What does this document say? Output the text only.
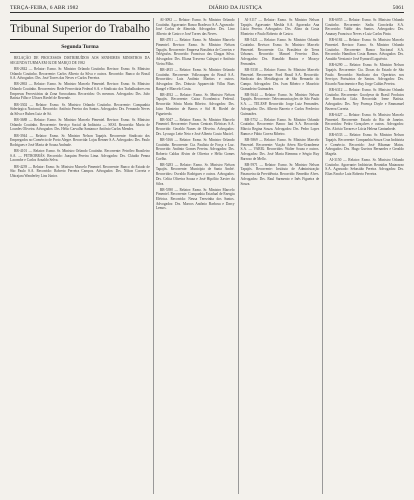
TERÇA-FEIRA, 6 ABR 1982	DIÁRIO DA JUSTIÇA	5061
Tribunal Superior do Trabalho
Segunda Turma

RELAÇÃO DE PROCESSOS DISTRIBUÍDOS AOS SENHORES MINISTROS DA SEGUNDA TURMA EM 02 DE MARÇO DE 1982

RR-2842 — Relator: Exmo. Sr. Ministro Orlando Coutinho. Revisor: Exmo. Sr. Ministro Orlando Coutinho. Recorrente: Carlos Alberto da Silva e outros. Recorrido: Banco do Brasil S.A. Advogados: Drs. José Torres das Neves e Carlos Ferreira.

RR-2863 — Relator: Exmo. Sr. Ministro Marcelo Pimentel. Revisor: Exmo. Sr. Ministro Orlando Coutinho. Recorrentes: Rede Ferroviária Federal S.A. e Sindicato dos Trabalhadores em Empresas Ferroviárias da Zona Sorocabana. Recorridos: Os mesmos. Advogados: Drs. João Batista Filho e Ulisses Riedel de Resende.

RR-3302 — Relator: Exmo. Sr. Ministro Orlando Coutinho. Recorrente: Companhia Siderúrgica Nacional. Recorrido: Antônio Pereira dos Santos. Advogados: Drs. Fernando Neves da Silva e Ruben Luiz de Sá.

RR-3688 — Relator: Exmo. Sr. Ministro Marcelo Pimentel. Revisor: Exmo. Sr. Ministro Orlando Coutinho. Recorrente: Serviço Social da Indústria — SESI. Recorrida: Maria de Lourdes Oliveira. Advogados: Drs. Hélio Carvalho Santana e Antônio Carlos Mendes.

RR-3944 — Relator: Exmo. Sr. Ministro Nelson Tapajós. Recorrente: Sindicato dos Empregados no Comércio de Porto Alegre. Recorrida: Lojas Renner S.A. Advogados: Drs. Paulo Rodrigues e José Maria de Souza Andrade.

RR-4101 — Relator: Exmo. Sr. Ministro Orlando Coutinho. Recorrente: Petróleo Brasileiro S.A. — PETROBRÁS. Recorrido: Joaquim Pereira Lima. Advogados: Drs. Cláudio Penna Lacombe e Carlos Arnaldo Selva.

RR-4239 — Relator: Exmo. Sr. Ministro Marcelo Pimentel. Recorrente: Banco do Estado de São Paulo S.A. Recorrido: Roberto Ferreira Campos. Advogados: Drs. Nilton Correia e Ubirajara Wanderley Lins Júnior.

AI-3092 — Relator: Exmo. Sr. Ministro Orlando Coutinho. Agravante: Banco Bradesco S.A. Agravado: José Carlos de Almeida. Advogados: Drs. Lino Alberto de Castro e José Torres das Neves.

RR-4701 — Relator: Exmo. Sr. Ministro Marcelo Pimentel. Revisor: Exmo. Sr. Ministro Nelson Tapajós. Recorrente: Empresa Brasileira de Correios e Telégrafos. Recorrido: Francisco das Chagas Silva. Advogados: Drs. Eliana Traverso Calegari e Antônio Vieira Filho.

RR-4815 — Relator: Exmo. Sr. Ministro Orlando Coutinho. Recorrente: Volkswagen do Brasil S.A. Recorridos: Luiz Antônio Martins e outros. Advogados: Drs. Dráusio Apparecido Villas Boas Rangel e Marcelo Costa.

RR-4932 — Relator: Exmo. Sr. Ministro Nelson Tapajós. Recorrente: Caixa Econômica Federal. Recorrida: Sônia Maria Ribeiro. Advogados: Drs. Jairo Monteiro de Barros e Sid H. Riedel de Figueiredo.

RR-5047 — Relator: Exmo. Sr. Ministro Marcelo Pimentel. Recorrente: Furnas Centrais Elétricas S.A. Recorrido: Geraldo Nunes de Oliveira. Advogados: Drs. Lycurgo Leite Neto e José Alberto Couto Maciel.

RR-5166 — Relator: Exmo. Sr. Ministro Orlando Coutinho. Recorrente: Cia. Paulista de Força e Luz. Recorrido: Antônio Gomes Pereira. Advogados: Drs. Roberto Caldas Alvim de Oliveira e Hélio Gomes Coelho.

RR-5283 — Relator: Exmo. Sr. Ministro Nelson Tapajós. Recorrente: Município de Santo André. Recorridos: Osvaldo Rodrigues e outros. Advogados: Drs. Celita Oliveira Souza e José Hipólito Xavier da Silva.

RR-5390 — Relator: Exmo. Sr. Ministro Marcelo Pimentel. Recorrente: Companhia Estadual de Energia Elétrica. Recorrida: Neusa Terezinha dos Santos. Advogados: Drs. Marcos Antônio Barbosa e Darcy Lemos.

AI-3117 — Relator: Exmo. Sr. Ministro Nelson Tapajós. Agravante: Mesbla S.A. Agravada: Ana Lúcia Pereira. Advogados: Drs. Alino da Costa Monteiro e Paulo Roberto de Castro.

RR-5421 — Relator: Exmo. Sr. Ministro Orlando Coutinho. Revisor: Exmo. Sr. Ministro Marcelo Pimentel. Recorrente: Cia. Brasileira de Trens Urbanos. Recorrido: Manoel Ferreira Dias. Advogados: Drs. Ronaldo Bastos e Moacyr Fernandes.

RR-5538 — Relator: Exmo. Sr. Ministro Marcelo Pimentel. Recorrente: Ford Brasil S.A. Recorrido: Sindicato dos Metalúrgicos de São Bernardo do Campo. Advogados: Drs. Ivan Ribeiro e Maurício Granadeiro Guimarães.

RR-5644 — Relator: Exmo. Sr. Ministro Nelson Tapajós. Recorrente: Telecomunicações de São Paulo S.A. — TELESP. Recorrido: Jorge Luiz Fernandes. Advogados: Drs. Alberto Barreto e Carlos Frederico Guimarães.

RR-5752 — Relator: Exmo. Sr. Ministro Orlando Coutinho. Recorrente: Banco Itaú S.A. Recorrida: Márcia Regina Souza. Advogados: Drs. Pedro Lopes Ramos e Fábio Correa Ribeiro.

RR-5869 — Relator: Exmo. Sr. Ministro Marcelo Pimentel. Recorrente: Viação Aérea Rio-Grandense S.A. — VARIG. Recorridos: Walter Souza e outros. Advogados: Drs. José Maria Riemma e Sérgio Ruy Barroso de Mello.

RR-5971 — Relator: Exmo. Sr. Ministro Nelson Tapajós. Recorrente: Instituto de Administração Financeira da Previdência. Recorrido: Benedito Alves. Advogados: Drs. Raul Sarmento e Inês Figueira de Souza.

RR-6055 — Relator: Exmo. Sr. Ministro Orlando Coutinho. Recorrente: Sadia Concórdia S.A. Recorrido: Valdir dos Santos. Advogados: Drs. Amaury Francisco Neves e Luiz Carlos Pinto.

RR-6184 — Relator: Exmo. Sr. Ministro Marcelo Pimentel. Revisor: Exmo. Sr. Ministro Orlando Coutinho. Recorrente: Banco Nacional S.A. Recorrido: Hamilton Costa Ramos. Advogados: Drs. Arnaldo Versiani e José Eymard Loguércio.

RR-6290 — Relator: Exmo. Sr. Ministro Nelson Tapajós. Recorrente: Cia. Docas do Estado de São Paulo. Recorrido: Sindicato dos Operários nos Serviços Portuários de Santos. Advogados: Drs. Ricardo Nascimento e Ruy Jorge Caldas Pereira.

RR-6312 — Relator: Exmo. Sr. Ministro Orlando Coutinho. Recorrente: Goodyear do Brasil Produtos de Borracha Ltda. Recorrida: Irene Batista. Advogados: Drs. Ney Proença Doyle e Emmanuel Bezerra Correia.

RR-6427 — Relator: Exmo. Sr. Ministro Marcelo Pimentel. Recorrente: Estado do Rio de Janeiro. Recorridos: Pedro Gonçalves e outros. Advogados: Drs. Aloísio Tavares e Lúcia Helena Cantanhede.

RR-6533 — Relator: Exmo. Sr. Ministro Nelson Tapajós. Recorrente: Companhia Souza Cruz Indústria e Comércio. Recorrido: José Ribamar Matos. Advogados: Drs. Hugo Gueiros Bernardes e Geraldo Magela.

AI-3150 — Relator: Exmo. Sr. Ministro Orlando Coutinho. Agravante: Indústrias Reunidas Matarazzo S.A. Agravado: Sebastião Pereira. Advogados: Drs. Elias Farah e Luiz Roberto Ferreira.
